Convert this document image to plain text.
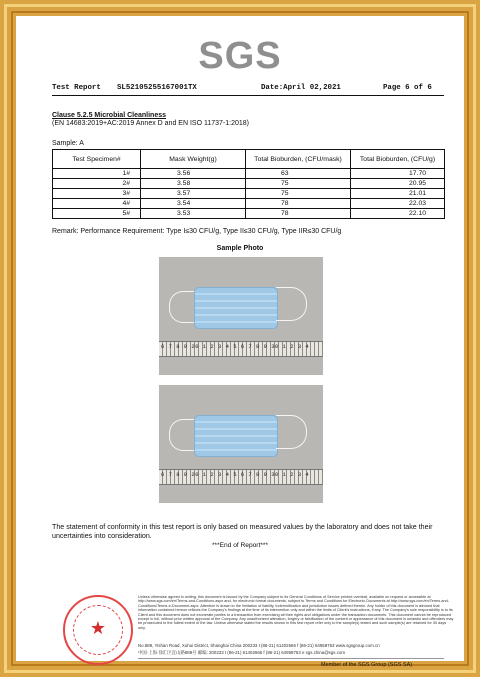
SGS
Test Report SL52105255167001TX	Date:April 02,2021	Page 6 of 6
Clause 5.2.5 Microbial Cleanliness
(EN 14683:2019+AC:2019 Annex D and EN ISO 11737-1:2018)
Sample: A
Test Specimen#	Mask Weight(g)	Total Bioburden, (CFU/mask)	Total Bioburden, (CFU/g)
1#	3.56	63	17.70
2#	3.58	75	20.95
3#	3.57	75	21.01
4#	3.54	78	22.03
5#	3.53	78	22.10
Remark: Performance Requirement: Type I≤30 CFU/g, Type II≤30 CFU/g, Type IIR≤30 CFU/g
Sample Photo
6 7 8 9 20 1 2 3 4 5 6 7 8 9 30 1 2 3 4
6 7 8 9 20 1 2 3 4 5 6 7 8 9 30 1 2 3 4
The statement of conformity in this test report is only based on measured values by the laboratory and does not take their uncertainties into consideration.
***End of Report***
★
Unless otherwise agreed in writing, this document is issued by the Company subject to its General Conditions of Service printed overleaf, available on request or accessible at http://www.sgs.com/en/Terms-and-Conditions.aspx and, for electronic format documents, subject to Terms and Conditions for Electronic Documents at http://www.sgs.com/en/Terms-and-Conditions/Terms-e-Document.aspx. Attention is drawn to the limitation of liability, indemnification and jurisdiction issues defined therein. Any holder of this document is advised that information contained hereon reflects the Company's findings at the time of its intervention only and within the limits of Client's instructions, if any. The Company's sole responsibility is to its Client and this document does not exonerate parties to a transaction from exercising all their rights and obligations under the transaction documents. This document cannot be reproduced except in full, without prior written approval of the Company. Any unauthorized alteration, forgery or falsification of the content or appearance of this document is unlawful and offenders may be prosecuted to the fullest extent of the law. Unless otherwise stated the results shown in this test report refer only to the sample(s) tested and such sample(s) are retained for 30 days only.
No.889, Yishan Road, Xuhui District, Shanghai China 200233 t (86-21) 61402666 f (86-21) 64958763 www.sgsgroup.com.cn
中国·上海·徐汇区宜山路889号 邮编: 200233 t (86-21) 61402666 f (86-21) 64958763 e sgs.china@sgs.com
Member of the SGS Group (SGS SA)
